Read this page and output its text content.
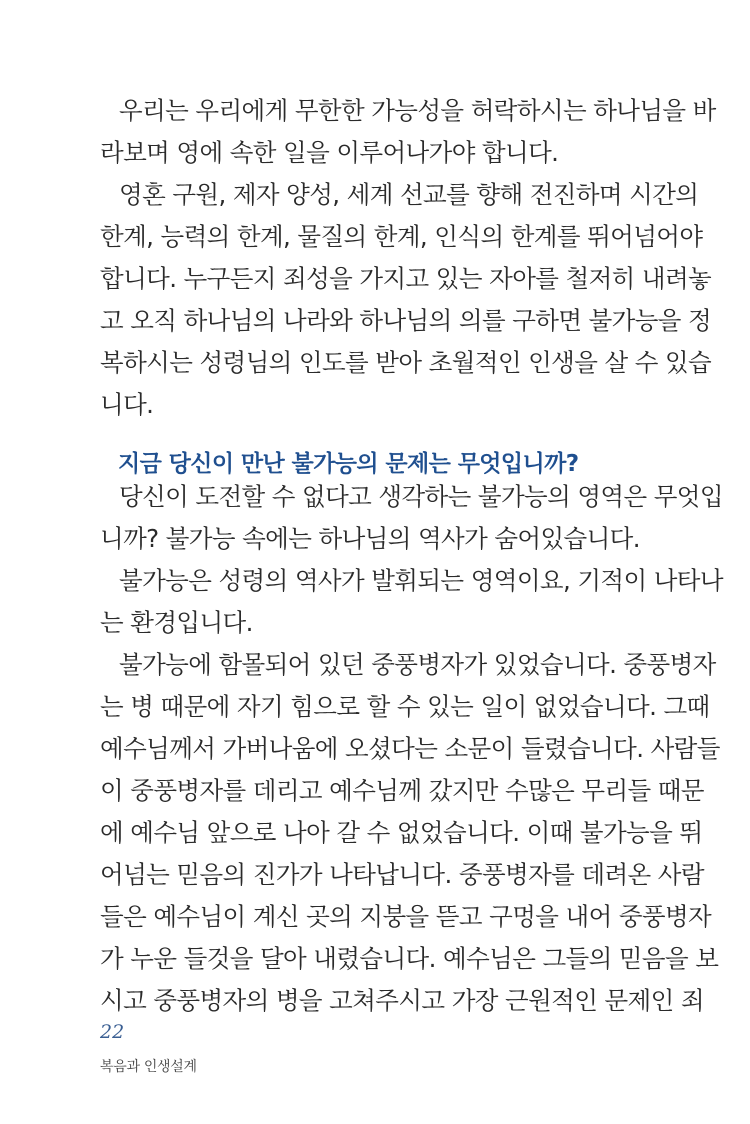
우리는 우리에게 무한한 가능성을 허락하시는 하나님을 바
라보며 영에 속한 일을 이루어나가야 합니다.
영혼 구원, 제자 양성, 세계 선교를 향해 전진하며 시간의
한계, 능력의 한계, 물질의 한계, 인식의 한계를 뛰어넘어야
합니다. 누구든지 죄성을 가지고 있는 자아를 철저히 내려놓
고 오직 하나님의 나라와 하나님의 의를 구하면 불가능을 정
복하시는 성령님의 인도를 받아 초월적인 인생을 살 수 있습
니다.
지금 당신이 만난 불가능의 문제는 무엇입니까?
당신이 도전할 수 없다고 생각하는 불가능의 영역은 무엇입
니까? 불가능 속에는 하나님의 역사가 숨어있습니다.
불가능은 성령의 역사가 발휘되는 영역이요, 기적이 나타나
는 환경입니다.
불가능에 함몰되어 있던 중풍병자가 있었습니다. 중풍병자
는 병 때문에 자기 힘으로 할 수 있는 일이 없었습니다. 그때
예수님께서 가버나움에 오셨다는 소문이 들렸습니다. 사람들
이 중풍병자를 데리고 예수님께 갔지만 수많은 무리들 때문
에 예수님 앞으로 나아 갈 수 없었습니다. 이때 불가능을 뛰
어넘는 믿음의 진가가 나타납니다. 중풍병자를 데려온 사람
들은 예수님이 계신 곳의 지붕을 뜯고 구멍을 내어 중풍병자
가 누운 들것을 달아 내렸습니다. 예수님은 그들의 믿음을 보
시고 중풍병자의 병을 고쳐주시고 가장 근원적인 문제인 죄
22
복음과 인생설계
